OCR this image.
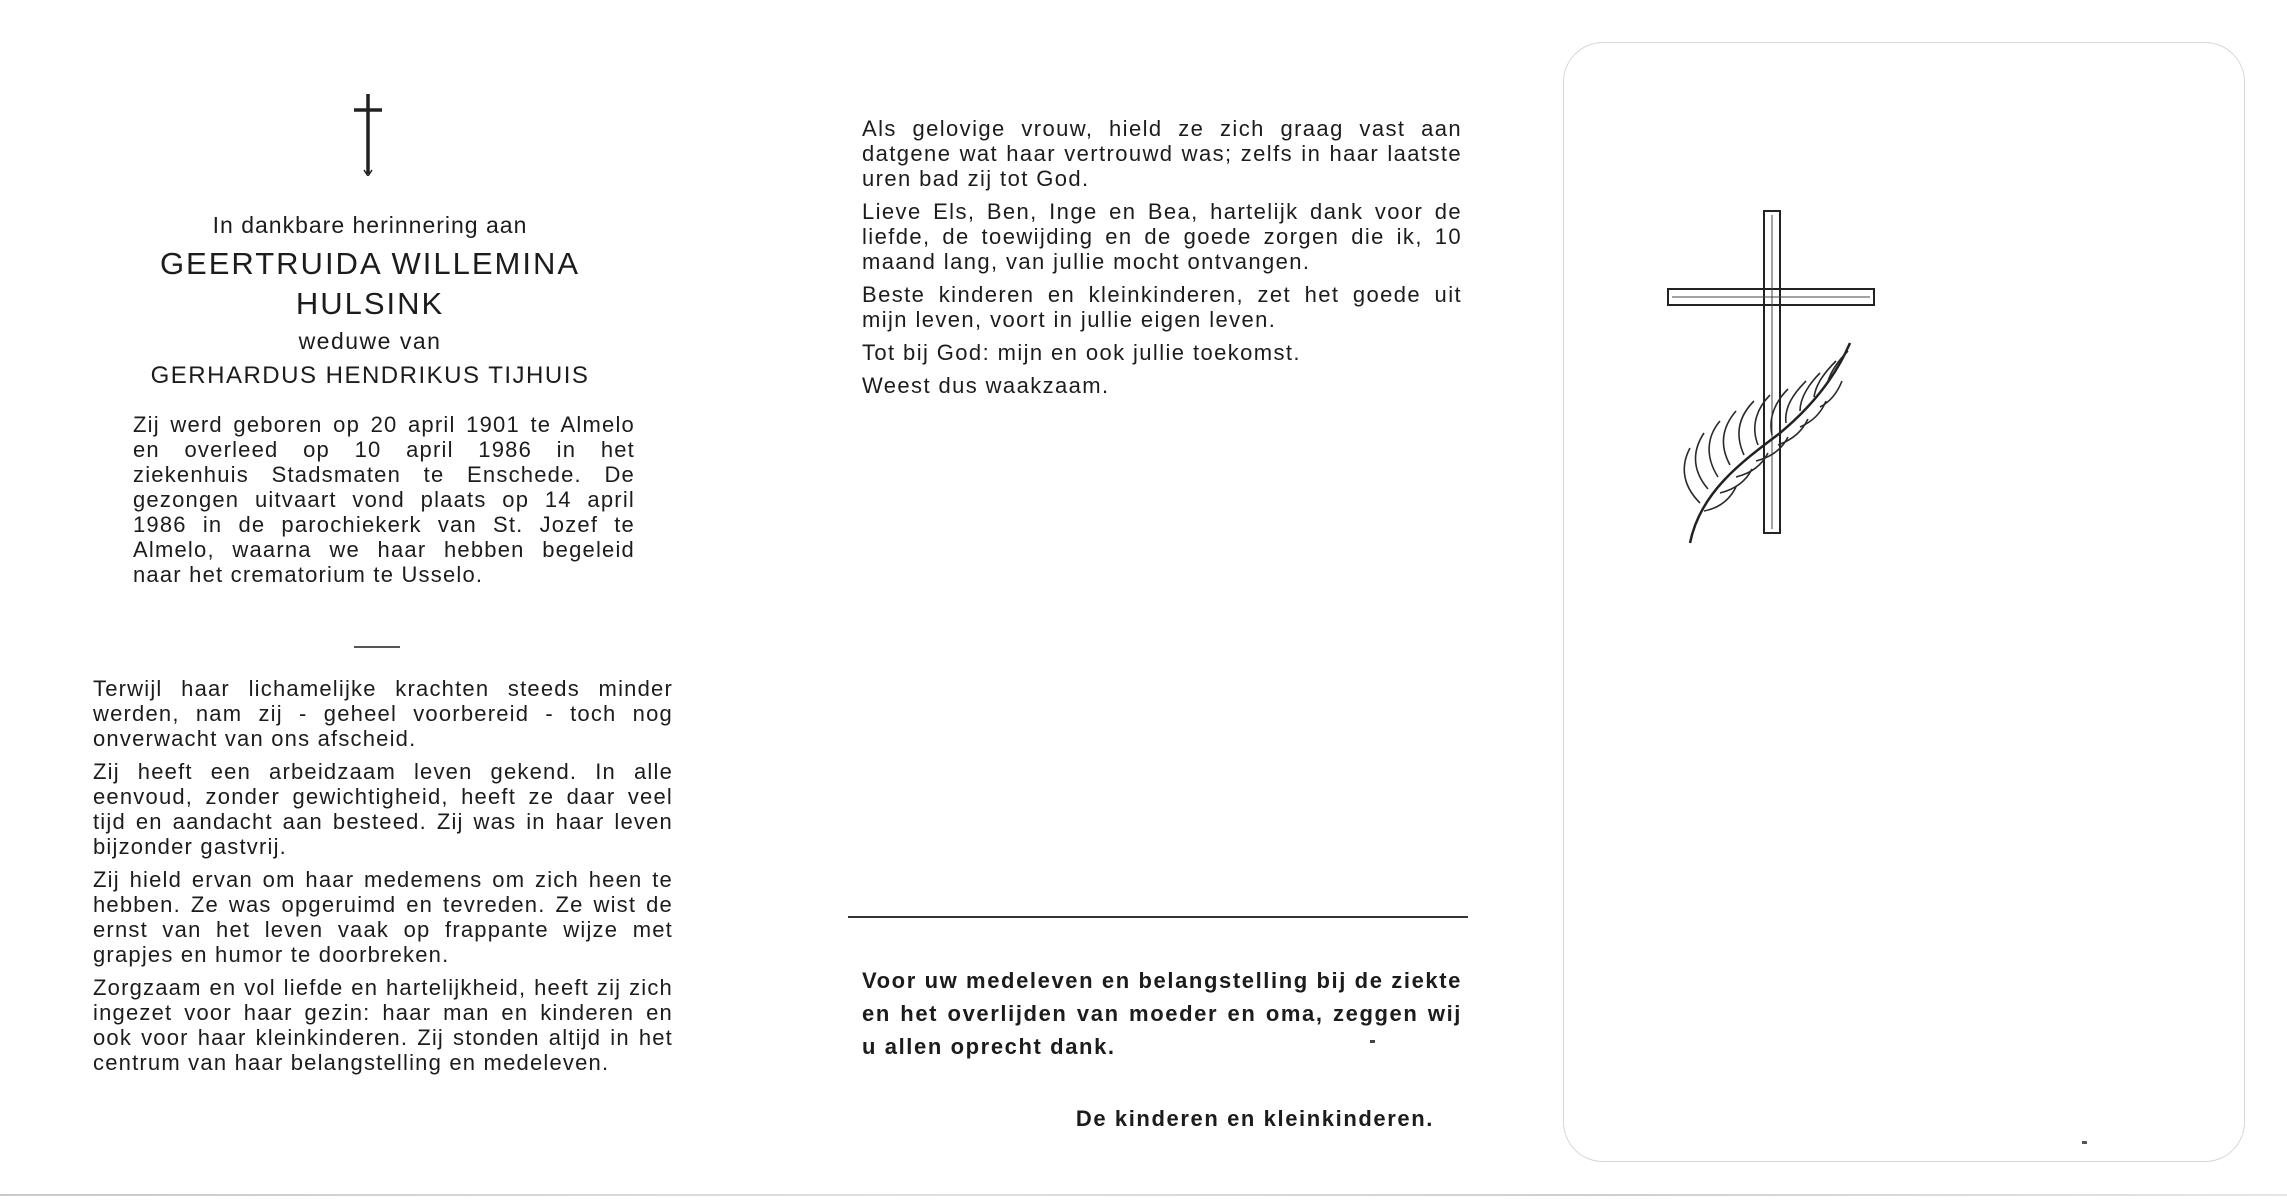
In dankbare herinnering aan
GEERTRUIDA WILLEMINA
HULSINK
weduwe van
GERHARDUS HENDRIKUS TIJHUIS

Zij werd geboren op 20 april 1901 te Almelo en overleed op 10 april 1986 in het ziekenhuis Stadsmaten te Enschede. De gezongen uitvaart vond plaats op 14 april 1986 in de parochiekerk van St. Jozef te Almelo, waarna we haar hebben begeleid naar het crematorium te Usselo.

Terwijl haar lichamelijke krachten steeds minder werden, nam zij - geheel voorbereid - toch nog onverwacht van ons afscheid.

Zij heeft een arbeidzaam leven gekend. In alle eenvoud, zonder gewichtigheid, heeft ze daar veel tijd en aandacht aan besteed. Zij was in haar leven bijzonder gastvrij.

Zij hield ervan om haar medemens om zich heen te hebben. Ze was opgeruimd en tevreden. Ze wist de ernst van het leven vaak op frappante wijze met grapjes en humor te doorbreken.

Zorgzaam en vol liefde en hartelijkheid, heeft zij zich ingezet voor haar gezin: haar man en kinderen en ook voor haar kleinkinderen. Zij stonden altijd in het centrum van haar belangstelling en medeleven.

Als gelovige vrouw, hield ze zich graag vast aan datgene wat haar vertrouwd was; zelfs in haar laatste uren bad zij tot God.

Lieve Els, Ben, Inge en Bea, hartelijk dank voor de liefde, de toewijding en de goede zorgen die ik, 10 maand lang, van jullie mocht ontvangen.

Beste kinderen en kleinkinderen, zet het goede uit mijn leven, voort in jullie eigen leven.

Tot bij God: mijn en ook jullie toekomst.

Weest dus waakzaam.

Voor uw medeleven en belangstelling bij de ziekte en het overlijden van moeder en oma, zeggen wij u allen oprecht dank.
De kinderen en kleinkinderen.
